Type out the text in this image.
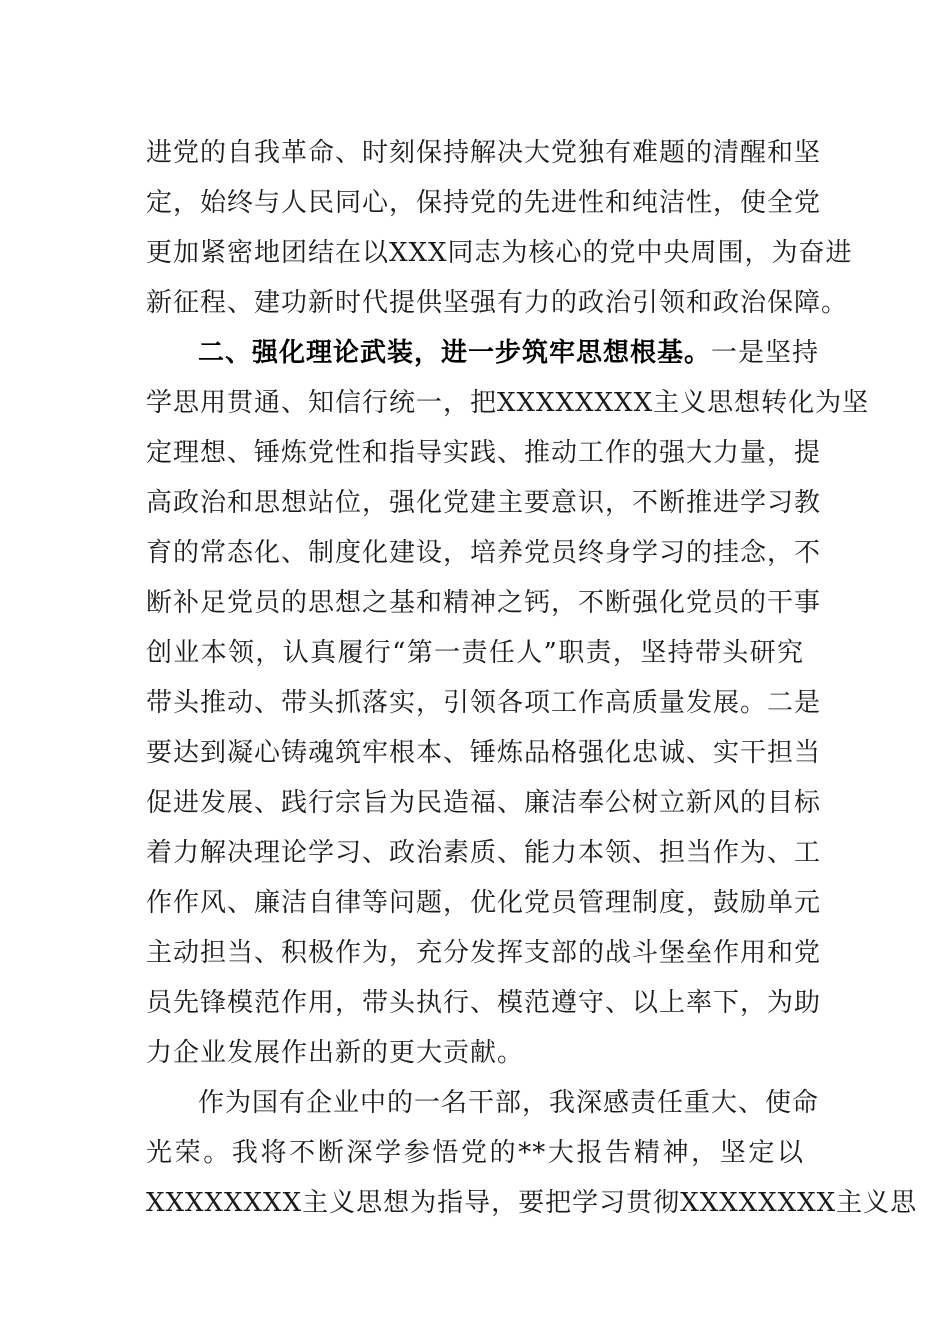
进党的自我革命、时刻保持解决大党独有难题的清醒和坚
定，始终与人民同心，保持党的先进性和纯洁性，使全党
更加紧密地团结在以XXX同志为核心的党中央周围，为奋进
新征程、建功新时代提供坚强有力的政治引领和政治保障。
二、强化理论武装，进一步筑牢思想根基。一是坚持
学思用贯通、知信行统一，把XXXXXXXX主义思想转化为坚
定理想、锤炼党性和指导实践、推动工作的强大力量，提
高政治和思想站位，强化党建主要意识，不断推进学习教
育的常态化、制度化建设，培养党员终身学习的挂念，不
断补足党员的思想之基和精神之钙，不断强化党员的干事
创业本领，认真履行“第一责任人”职责，坚持带头研究
带头推动、带头抓落实，引领各项工作高质量发展。二是
要达到凝心铸魂筑牢根本、锤炼品格强化忠诚、实干担当
促进发展、践行宗旨为民造福、廉洁奉公树立新风的目标
着力解决理论学习、政治素质、能力本领、担当作为、工
作作风、廉洁自律等问题，优化党员管理制度，鼓励单元
主动担当、积极作为，充分发挥支部的战斗堡垒作用和党
员先锋模范作用，带头执行、模范遵守、以上率下，为助
力企业发展作出新的更大贡献。
作为国有企业中的一名干部，我深感责任重大、使命
光荣。我将不断深学参悟党的**大报告精神，坚定以
XXXXXXXX主义思想为指导，要把学习贯彻XXXXXXXX主义思
